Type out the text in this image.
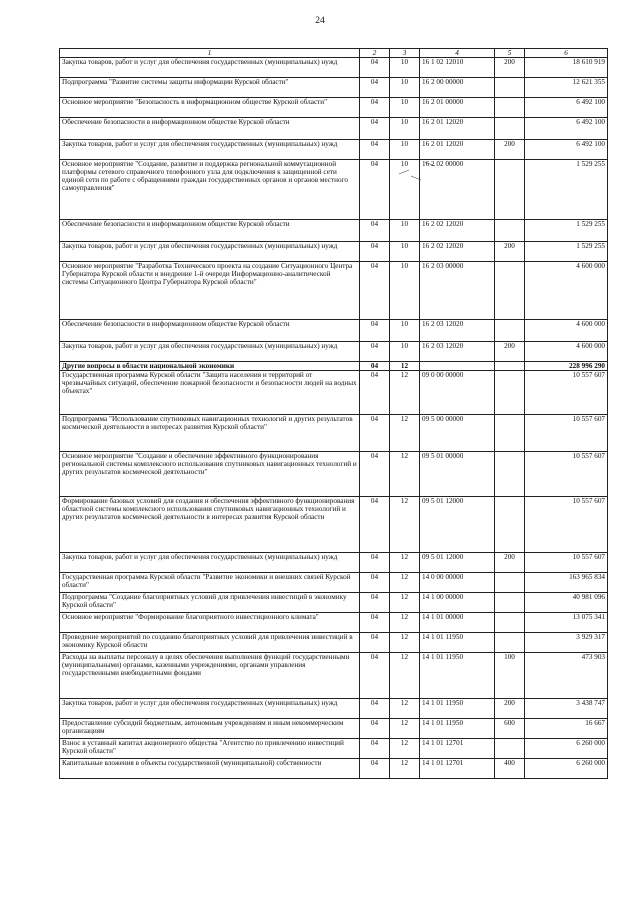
24
1	2	3	4	5	6
Закупка товаров, работ и услуг для обеспечения государственных (муниципальных) нужд	04	10	16 1 02 12010	200	18 610 919
Подпрограмма "Развитие системы защиты информации Курской области"	04	10	16 2 00 00000		12 621 355
Основное мероприятие "Безопасность в информационном обществе Курской области"	04	10	16 2 01 00000		6 492 100
Обеспечение безопасности в информационном обществе Курской области	04	10	16 2 01 12020		6 492 100
Закупка товаров, работ и услуг для обеспечения государственных (муниципальных) нужд	04	10	16 2 01 12020	200	6 492 100
Основное мероприятие "Создание, развитие и поддержка региональной коммутационной платформы сетевого справочного телефонного узла для подключения к защищенной сети единой сети по работе с обращениями граждан государственных органов и органов местного самоуправления"	04	10	16 2 02 00000		1 529 255
Обеспечение безопасности в информационном обществе Курской области	04	10	16 2 02 12020		1 529 255
Закупка товаров, работ и услуг для обеспечения государственных (муниципальных) нужд	04	10	16 2 02 12020	200	1 529 255
Основное мероприятие "Разработка Технического проекта на создание Ситуационного Центра Губернатора Курской области и внедрение 1-й очереди Информационно-аналитической системы Ситуационного Центра Губернатора Курской области"	04	10	16 2 03 00000		4 600 000
Обеспечение безопасности в информационном обществе Курской области	04	10	16 2 03 12020		4 600 000
Закупка товаров, работ и услуг для обеспечения государственных (муниципальных) нужд	04	10	16 2 03 12020	200	4 600 000
Другие вопросы в области национальной экономики	04	12			228 996 290
Государственная программа Курской области "Защита населения и территорий от чрезвычайных ситуаций, обеспечение пожарной безопасности и безопасности людей на водных объектах"	04	12	09 0 00 00000		10 557 607
Подпрограмма "Использование спутниковых навигационных технологий и других результатов космической деятельности в интересах развития Курской области"	04	12	09 5 00 00000		10 557 607
Основное мероприятие "Создание и обеспечение эффективного функционирования региональной системы комплексного использования спутниковых навигационных технологий и других результатов космической деятельности"	04	12	09 5 01 00000		10 557 607
Формирование базовых условий для создания и обеспечения эффективного функционирования областной системы комплексного использования спутниковых навигационных технологий и других результатов космической деятельности в интересах развития Курской области	04	12	09 5 01 12000		10 557 607
Закупка товаров, работ и услуг для обеспечения государственных (муниципальных) нужд	04	12	09 5 01 12000	200	10 557 607
Государственная программа Курской области "Развитие экономики и внешних связей Курской области"	04	12	14 0 00 00000		163 965 834
Подпрограмма "Создание благоприятных условий для привлечения инвестиций в экономику Курской области"	04	12	14 1 00 00000		40 981 096
Основное мероприятие "Формирование благоприятного инвестиционного климата"	04	12	14 1 01 00000		13 075 341
Проведение мероприятий по созданию благоприятных условий для привлечения инвестиций в экономику Курской области	04	12	14 1 01 11950		3 929 317
Расходы на выплаты персоналу в целях обеспечения выполнения функций государственными (муниципальными) органами, казенными учреждениями, органами управления государственными внебюджетными фондами	04	12	14 1 01 11950	100	473 903
Закупка товаров, работ и услуг для обеспечения государственных (муниципальных) нужд	04	12	14 1 01 11950	200	3 438 747
Предоставление субсидий бюджетным, автономным учреждениям и иным некоммерческим организациям	04	12	14 1 01 11950	600	16 667
Взнос в уставный капитал акционерного общества "Агентство по привлечению инвестиций Курской области"	04	12	14 1 01 12701		6 260 000
Капитальные вложения в объекты государственной (муниципальной) собственности	04	12	14 1 01 12701	400	6 260 000
